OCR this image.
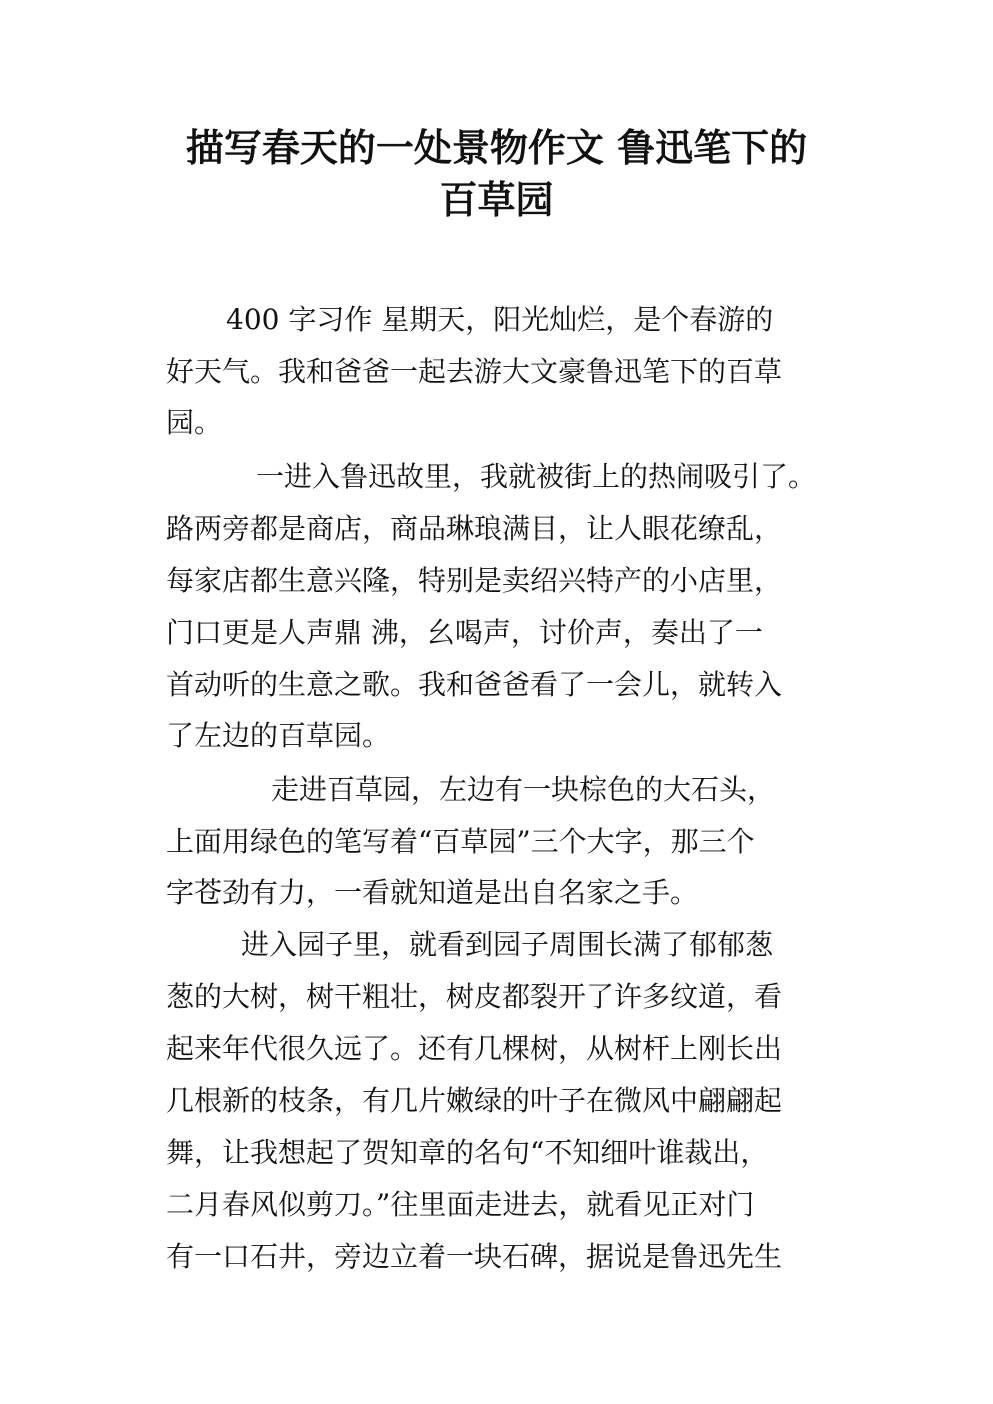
描写春天的一处景物作文 鲁迅笔下的
百草园
400 字习作 星期天，阳光灿烂，是个春游的
好天气。我和爸爸一起去游大文豪鲁迅笔下的百草
园。
一进入鲁迅故里，我就被街上的热闹吸引了。
路两旁都是商店，商品琳琅满目，让人眼花缭乱，
每家店都生意兴隆，特别是卖绍兴特产的小店里，
门口更是人声鼎 沸，幺喝声，讨价声，奏出了一
首动听的生意之歌。我和爸爸看了一会儿，就转入
了左边的百草园。
走进百草园，左边有一块棕色的大石头，
上面用绿色的笔写着“百草园”三个大字，那三个
字苍劲有力，一看就知道是出自名家之手。
进入园子里，就看到园子周围长满了郁郁葱
葱的大树，树干粗壮，树皮都裂开了许多纹道，看
起来年代很久远了。还有几棵树，从树杆上刚长出
几根新的枝条，有几片嫩绿的叶子在微风中翩翩起
舞，让我想起了贺知章的名句“不知细叶谁裁出，
二月春风似剪刀。”往里面走进去，就看见正对门
有一口石井，旁边立着一块石碑，据说是鲁迅先生
